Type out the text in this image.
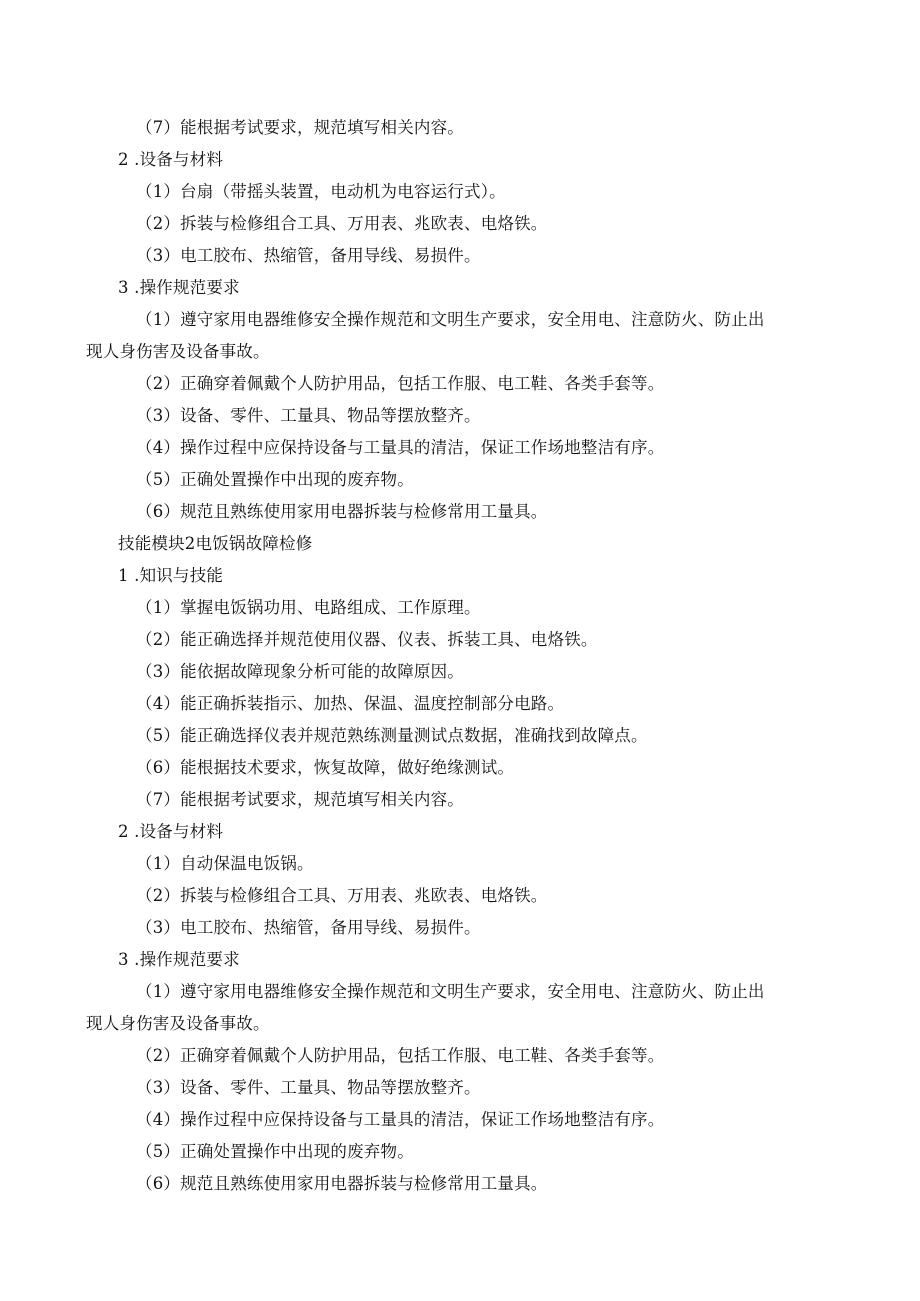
（7）能根据考试要求，规范填写相关内容。
2 .设备与材料
（1）台扇（带摇头装置，电动机为电容运行式）。
（2）拆装与检修组合工具、万用表、兆欧表、电烙铁。
（3）电工胶布、热缩管，备用导线、易损件。
3 .操作规范要求
（1）遵守家用电器维修安全操作规范和文明生产要求，安全用电、注意防火、防止出
现人身伤害及设备事故。
（2）正确穿着佩戴个人防护用品，包括工作服、电工鞋、各类手套等。
（3）设备、零件、工量具、物品等摆放整齐。
（4）操作过程中应保持设备与工量具的清洁，保证工作场地整洁有序。
（5）正确处置操作中出现的废弃物。
（6）规范且熟练使用家用电器拆装与检修常用工量具。
技能模块2电饭锅故障检修
1 .知识与技能
（1）掌握电饭锅功用、电路组成、工作原理。
（2）能正确选择并规范使用仪器、仪表、拆装工具、电烙铁。
（3）能依据故障现象分析可能的故障原因。
（4）能正确拆装指示、加热、保温、温度控制部分电路。
（5）能正确选择仪表并规范熟练测量测试点数据，准确找到故障点。
（6）能根据技术要求，恢复故障，做好绝缘测试。
（7）能根据考试要求，规范填写相关内容。
2 .设备与材料
（1）自动保温电饭锅。
（2）拆装与检修组合工具、万用表、兆欧表、电烙铁。
（3）电工胶布、热缩管，备用导线、易损件。
3 .操作规范要求
（1）遵守家用电器维修安全操作规范和文明生产要求，安全用电、注意防火、防止出
现人身伤害及设备事故。
（2）正确穿着佩戴个人防护用品，包括工作服、电工鞋、各类手套等。
（3）设备、零件、工量具、物品等摆放整齐。
（4）操作过程中应保持设备与工量具的清洁，保证工作场地整洁有序。
（5）正确处置操作中出现的废弃物。
（6）规范且熟练使用家用电器拆装与检修常用工量具。
